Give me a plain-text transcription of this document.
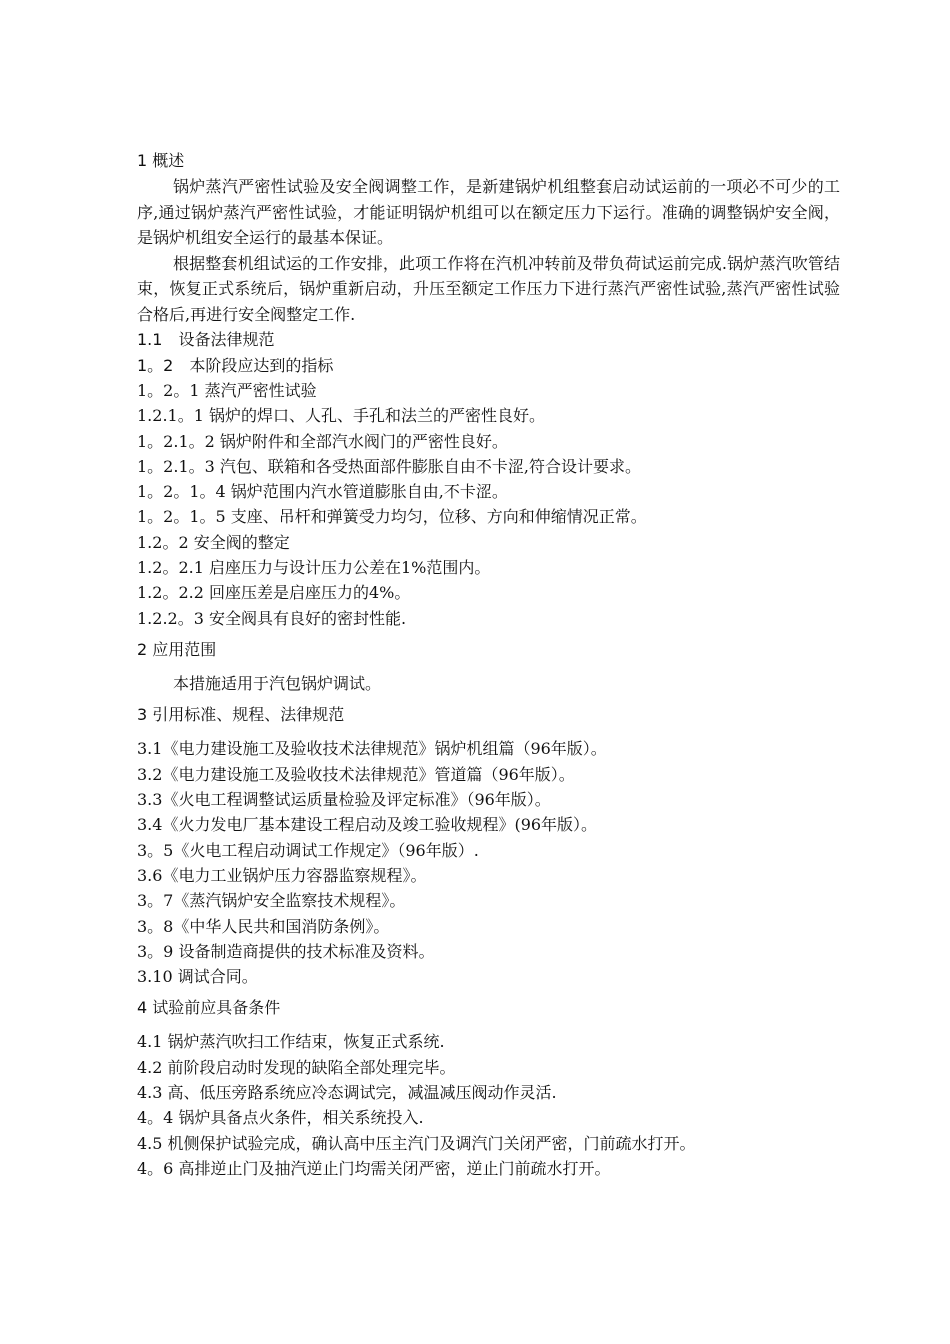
1 概述

锅炉蒸汽严密性试验及安全阀调整工作，是新建锅炉机组整套启动试运前的一项必不可少的工序,通过锅炉蒸汽严密性试验，才能证明锅炉机组可以在额定压力下运行。准确的调整锅炉安全阀，是锅炉机组安全运行的最基本保证。

根据整套机组试运的工作安排，此项工作将在汽机冲转前及带负荷试运前完成.锅炉蒸汽吹管结束，恢复正式系统后，锅炉重新启动，升压至额定工作压力下进行蒸汽严密性试验,蒸汽严密性试验合格后,再进行安全阀整定工作.

1.1　设备法律规范
1。2　本阶段应达到的指标
1。2。1 蒸汽严密性试验
1.2.1。1 锅炉的焊口、人孔、手孔和法兰的严密性良好。
1。2.1。2 锅炉附件和全部汽水阀门的严密性良好。
1。2.1。3 汽包、联箱和各受热面部件膨胀自由不卡涩,符合设计要求。
1。2。1。4 锅炉范围内汽水管道膨胀自由,不卡涩。
1。2。1。5 支座、吊杆和弹簧受力均匀，位移、方向和伸缩情况正常。
1.2。2 安全阀的整定
1.2。2.1 启座压力与设计压力公差在1%范围内。
1.2。2.2 回座压差是启座压力的4%。
1.2.2。3 安全阀具有良好的密封性能.
2 应用范围
本措施适用于汽包锅炉调试。
3 引用标准、规程、法律规范
3.1《电力建设施工及验收技术法律规范》锅炉机组篇（96年版）。
3.2《电力建设施工及验收技术法律规范》管道篇（96年版）。
3.3《火电工程调整试运质量检验及评定标准》（96年版）。
3.4《火力发电厂基本建设工程启动及竣工验收规程》(96年版）。
3。5《火电工程启动调试工作规定》（96年版）.
3.6《电力工业锅炉压力容器监察规程》。
3。7《蒸汽锅炉安全监察技术规程》。
3。8《中华人民共和国消防条例》。
3。9 设备制造商提供的技术标准及资料。
3.10 调试合同。
4 试验前应具备条件
4.1 锅炉蒸汽吹扫工作结束，恢复正式系统.
4.2 前阶段启动时发现的缺陷全部处理完毕。
4.3 高、低压旁路系统应冷态调试完，减温减压阀动作灵活.
4。4 锅炉具备点火条件，相关系统投入.
4.5 机侧保护试验完成，确认高中压主汽门及调汽门关闭严密，门前疏水打开。
4。6 高排逆止门及抽汽逆止门均需关闭严密，逆止门前疏水打开。
